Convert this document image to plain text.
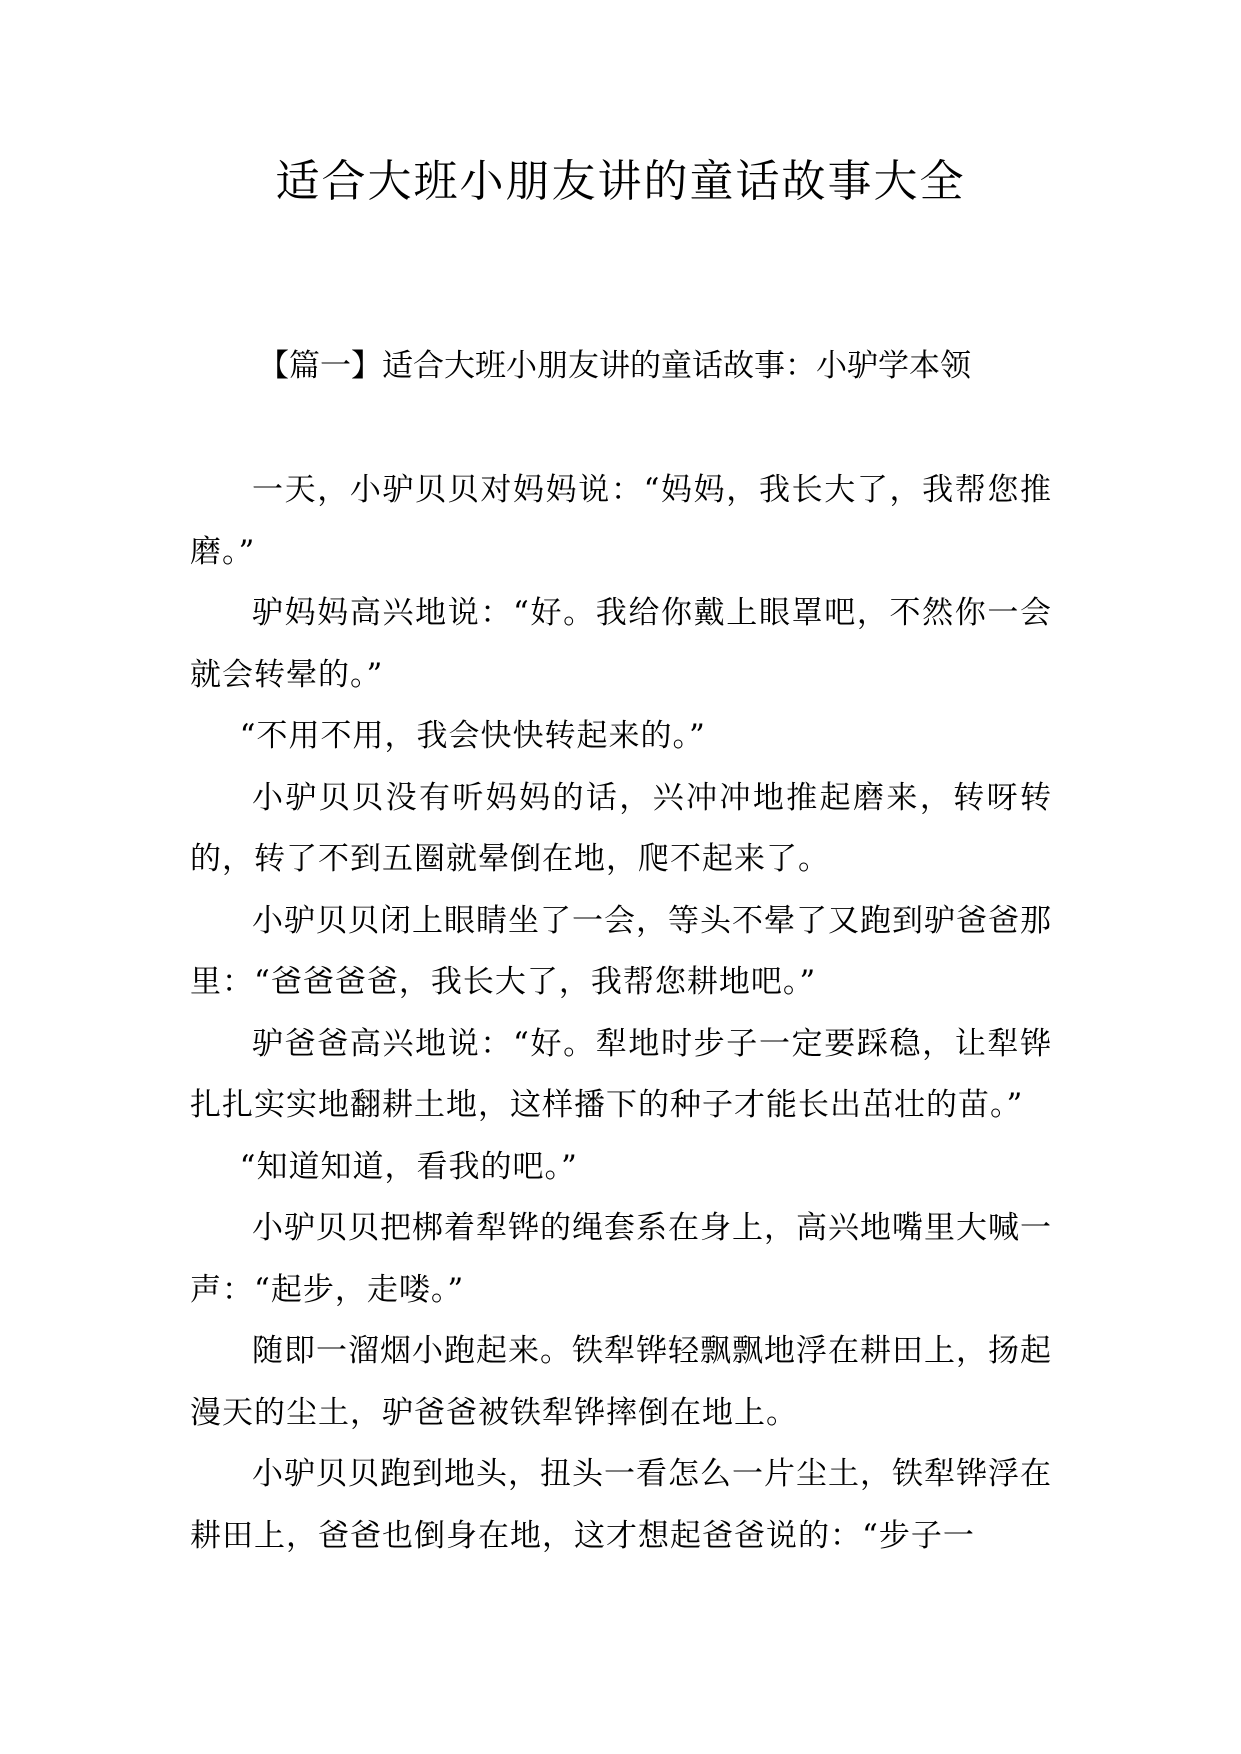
适合大班小朋友讲的童话故事大全
【篇一】适合大班小朋友讲的童话故事：小驴学本领

一天，小驴贝贝对妈妈说：“妈妈，我长大了，我帮您推磨。”

驴妈妈高兴地说：“好。我给你戴上眼罩吧，不然你一会就会转晕的。”

“不用不用，我会快快转起来的。”

小驴贝贝没有听妈妈的话，兴冲冲地推起磨来，转呀转的，转了不到五圈就晕倒在地，爬不起来了。

小驴贝贝闭上眼睛坐了一会，等头不晕了又跑到驴爸爸那里：“爸爸爸爸，我长大了，我帮您耕地吧。”

驴爸爸高兴地说：“好。犁地时步子一定要踩稳，让犁铧扎扎实实地翻耕土地，这样播下的种子才能长出茁壮的苗。”

“知道知道，看我的吧。”

小驴贝贝把梆着犁铧的绳套系在身上，高兴地嘴里大喊一声：“起步，走喽。”

随即一溜烟小跑起来。铁犁铧轻飘飘地浮在耕田上，扬起漫天的尘土，驴爸爸被铁犁铧摔倒在地上。

小驴贝贝跑到地头，扭头一看怎么一片尘土，铁犁铧浮在耕田上，爸爸也倒身在地，这才想起爸爸说的：“步子一
